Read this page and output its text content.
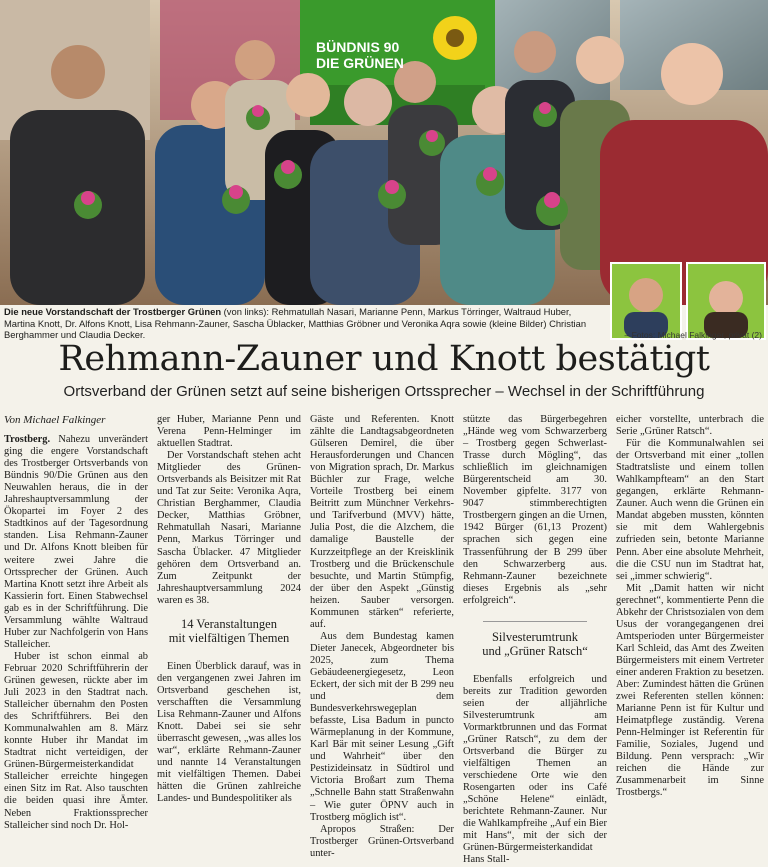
BÜNDNIS 90
DIE GRÜNEN

Die neue Vorstandschaft der Trostberger Grünen (von links): Rehmatullah Nasari, Marianne Penn, Markus Törringer, Waltraud Huber, Martina Knott, Dr. Alfons Knott, Lisa Rehmann-Zauner, Sascha Üblacker, Matthias Gröbner und Veronika Aqra sowie (kleine Bilder) Christian Berghammer und Claudia Decker.	– Fotos: Michael Falkinger, privat (2)
Rehmann-Zauner und Knott bestätigt

Ortsverband der Grünen setzt auf seine bisherigen Ortssprecher – Wechsel in der Schriftführung

Von Michael Falkinger

Trostberg. Nahezu unverändert ging die engere Vorstandschaft des Trostberger Ortsverbands von Bündnis 90/Die Grünen aus den Neuwahlen heraus, die in der Jahreshauptversammlung der Ökopartei im Foyer 2 des Stadtkinos auf der Tagesordnung standen. Lisa Rehmann-Zauner und Dr. Alfons Knott bleiben für weitere zwei Jahre die Ortssprecher der Grünen. Auch Martina Knott setzt ihre Arbeit als Kassierin fort. Einen Stabwechsel gab es in der Schriftführung. Die Versammlung wählte Waltraud Huber zur Nachfolgerin von Hans Stalleicher.

Huber ist schon einmal ab Februar 2020 Schriftführerin der Grünen gewesen, rückte aber im Juli 2023 in den Stadtrat nach. Stalleicher übernahm den Posten des Schriftführers. Bei den Kommunalwahlen am 8. März konnte Huber ihr Mandat im Stadtrat nicht verteidigen, der Grünen-Bürgermeisterkandidat Stalleicher erreichte hingegen einen Sitz im Rat. Also tauschten die beiden quasi ihre Ämter. Neben Fraktionssprecher Stalleicher sind noch Dr. Hol-

ger Huber, Marianne Penn und Verena Penn-Helminger im aktuellen Stadtrat.

Der Vorstandschaft stehen acht Mitglieder des Grünen-Ortsverbands als Beisitzer mit Rat und Tat zur Seite: Veronika Aqra, Christian Berghammer, Claudia Decker, Matthias Gröbner, Rehmatullah Nasari, Marianne Penn, Markus Törringer und Sascha Üblacker. 47 Mitglieder gehören dem Ortsverband an. Zum Zeitpunkt der Jahreshauptversammlung 2024 waren es 38.

14 Veranstaltungen
mit vielfältigen Themen

Einen Überblick darauf, was in den vergangenen zwei Jahren im Ortsverband geschehen ist, verschafften die Versammlung Lisa Rehmann-Zauner und Alfons Knott. Dabei sei sie sehr überrascht gewesen, „was alles los war“, erklärte Rehmann-Zauner und nannte 14 Veranstaltungen mit vielfältigen Themen. Dabei hätten die Grünen zahlreiche Landes- und Bundespolitiker als

Gäste und Referenten. Knott zählte die Landtagsabgeordneten Gülseren Demirel, die über Herausforderungen und Chancen von Migration sprach, Dr. Markus Büchler zur Frage, welche Vorteile Trostberg bei einem Beitritt zum Münchner Verkehrs- und Tarifverbund (MVV) hätte, Julia Post, die die Alzchem, die damalige Baustelle der Kurzzeitpflege an der Kreisklinik Trostberg und die Brückenschule besuchte, und Martin Stümpfig, der über den Aspekt „Günstig heizen. Sauber versorgen. Kommunen stärken“ referierte, auf.

Aus dem Bundestag kamen Dieter Janecek, Abgeordneter bis 2025, zum Thema Gebäudeenergiegesetz, Leon Eckert, der sich mit der B 299 neu und dem Bundesverkehrswegeplan befasste, Lisa Badum in puncto Wärmeplanung in der Kommune, Karl Bär mit seiner Lesung „Gift und Wahrheit“ über den Pestizideinsatz in Südtirol und Victoria Broßart zum Thema „Schnelle Bahn statt Straßenwahn – Wie guter ÖPNV auch in Trostberg möglich ist“.

Apropos Straßen: Der Trostberger Grünen-Ortsverband unter-

stützte das Bürgerbegehren „Hände weg vom Schwarzerberg – Trostberg gegen Schwerlast-Trasse durch Mögling“, das schließlich im gleichnamigen Bürgerentscheid am 30. November gipfelte. 3177 von 9047 stimmberechtigten Trostbergern gingen an die Urnen, 1942 Bürger (61,13 Prozent) sprachen sich gegen eine Trassenführung der B 299 über den Schwarzerberg aus. Rehmann-Zauner bezeichnete dieses Ergebnis als „sehr erfolgreich“.

Silvesterumtrunk
und „Grüner Ratsch“

Ebenfalls erfolgreich und bereits zur Tradition geworden seien der alljährliche Silvesterumtrunk am Vormarktbrunnen und das Format „Grüner Ratsch“, zu dem der Ortsverband die Bürger zu vielfältigen Themen an verschiedene Orte wie den Rosengarten oder ins Café „Schöne Helene“ einlädt, berichtete Rehmann-Zauner. Nur die Wahlkampfreihe „Auf ein Bier mit Hans“, mit der sich der Grünen-Bürgermeisterkandidat Hans Stall-

eicher vorstellte, unterbrach die Serie „Grüner Ratsch“.

Für die Kommunalwahlen sei der Ortsverband mit einer „tollen Stadtratsliste und einem tollen Wahlkampfteam“ an den Start gegangen, erklärte Rehmann-Zauner. Auch wenn die Grünen ein Mandat abgeben mussten, könnten sie mit dem Wahlergebnis zufrieden sein, betonte Marianne Penn. Aber eine absolute Mehrheit, die die CSU nun im Stadtrat hat, sei „immer schwierig“.

Mit „Damit hatten wir nicht gerechnet“, kommentierte Penn die Abkehr der Christsozialen von dem Usus der vorangegangenen drei Amtsperioden unter Bürgermeister Karl Schleid, das Amt des Zweiten Bürgermeisters mit einem Vertreter einer anderen Fraktion zu besetzen. Aber: Zumindest hätten die Grünen zwei Referenten stellen können: Marianne Penn ist für Kultur und Heimatpflege zuständig. Verena Penn-Helminger ist Referentin für Familie, Soziales, Jugend und Bildung. Penn versprach: „Wir reichen die Hände zur Zusammenarbeit im Sinne Trostbergs.“
